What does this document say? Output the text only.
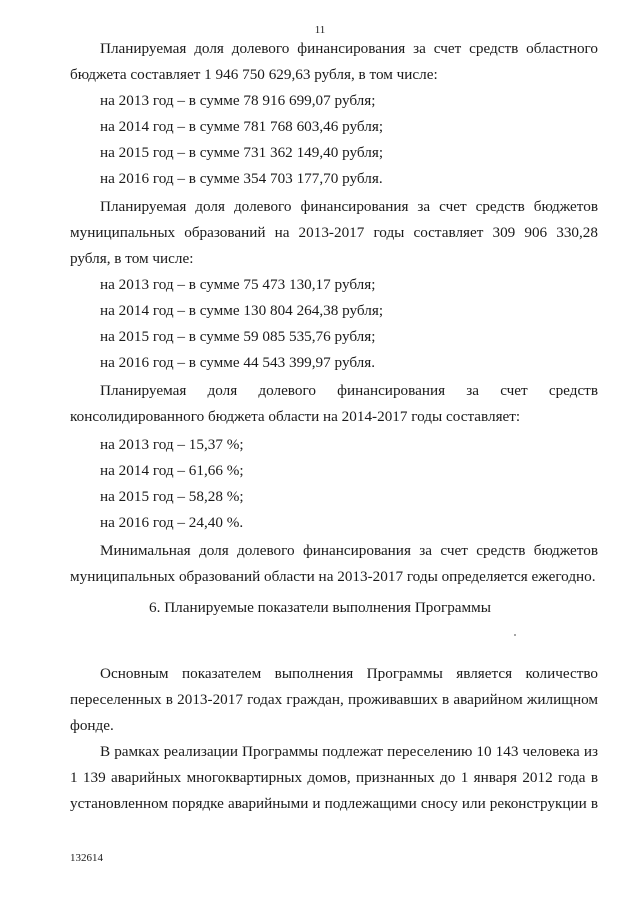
11
Планируемая доля долевого финансирования за счет средств областного
бюджета составляет 1 946 750 629,63 рубля, в том числе:
на 2013 год – в сумме 78 916 699,07 рубля;
на 2014 год – в сумме 781 768 603,46 рубля;
на 2015 год – в сумме 731 362 149,40 рубля;
на 2016 год – в сумме 354 703 177,70 рубля.
Планируемая доля долевого финансирования за счет средств бюджетов
муниципальных образований на 2013-2017 годы составляет 309 906 330,28
рубля, в том числе:
на 2013 год – в сумме 75 473 130,17 рубля;
на 2014 год – в сумме 130 804 264,38 рубля;
на 2015 год – в сумме 59 085 535,76 рубля;
на 2016 год – в сумме 44 543 399,97 рубля.
Планируемая доля долевого финансирования за счет средств
консолидированного бюджета области на 2014-2017 годы составляет:
на 2013 год – 15,37 %;
на 2014 год – 61,66 %;
на 2015 год – 58,28 %;
на 2016 год – 24,40 %.
Минимальная доля долевого финансирования за счет средств бюджетов
муниципальных образований области на 2013-2017 годы определяется ежегодно.
6. Планируемые показатели выполнения Программы
Основным показателем выполнения Программы является количество
переселенных в 2013-2017 годах граждан, проживавших в аварийном жилищном
фонде.
В рамках реализации Программы подлежат переселению 10 143 человека из
1 139 аварийных многоквартирных домов, признанных до 1 января 2012 года в
установленном порядке аварийными и подлежащими сносу или реконструкции в
132614
